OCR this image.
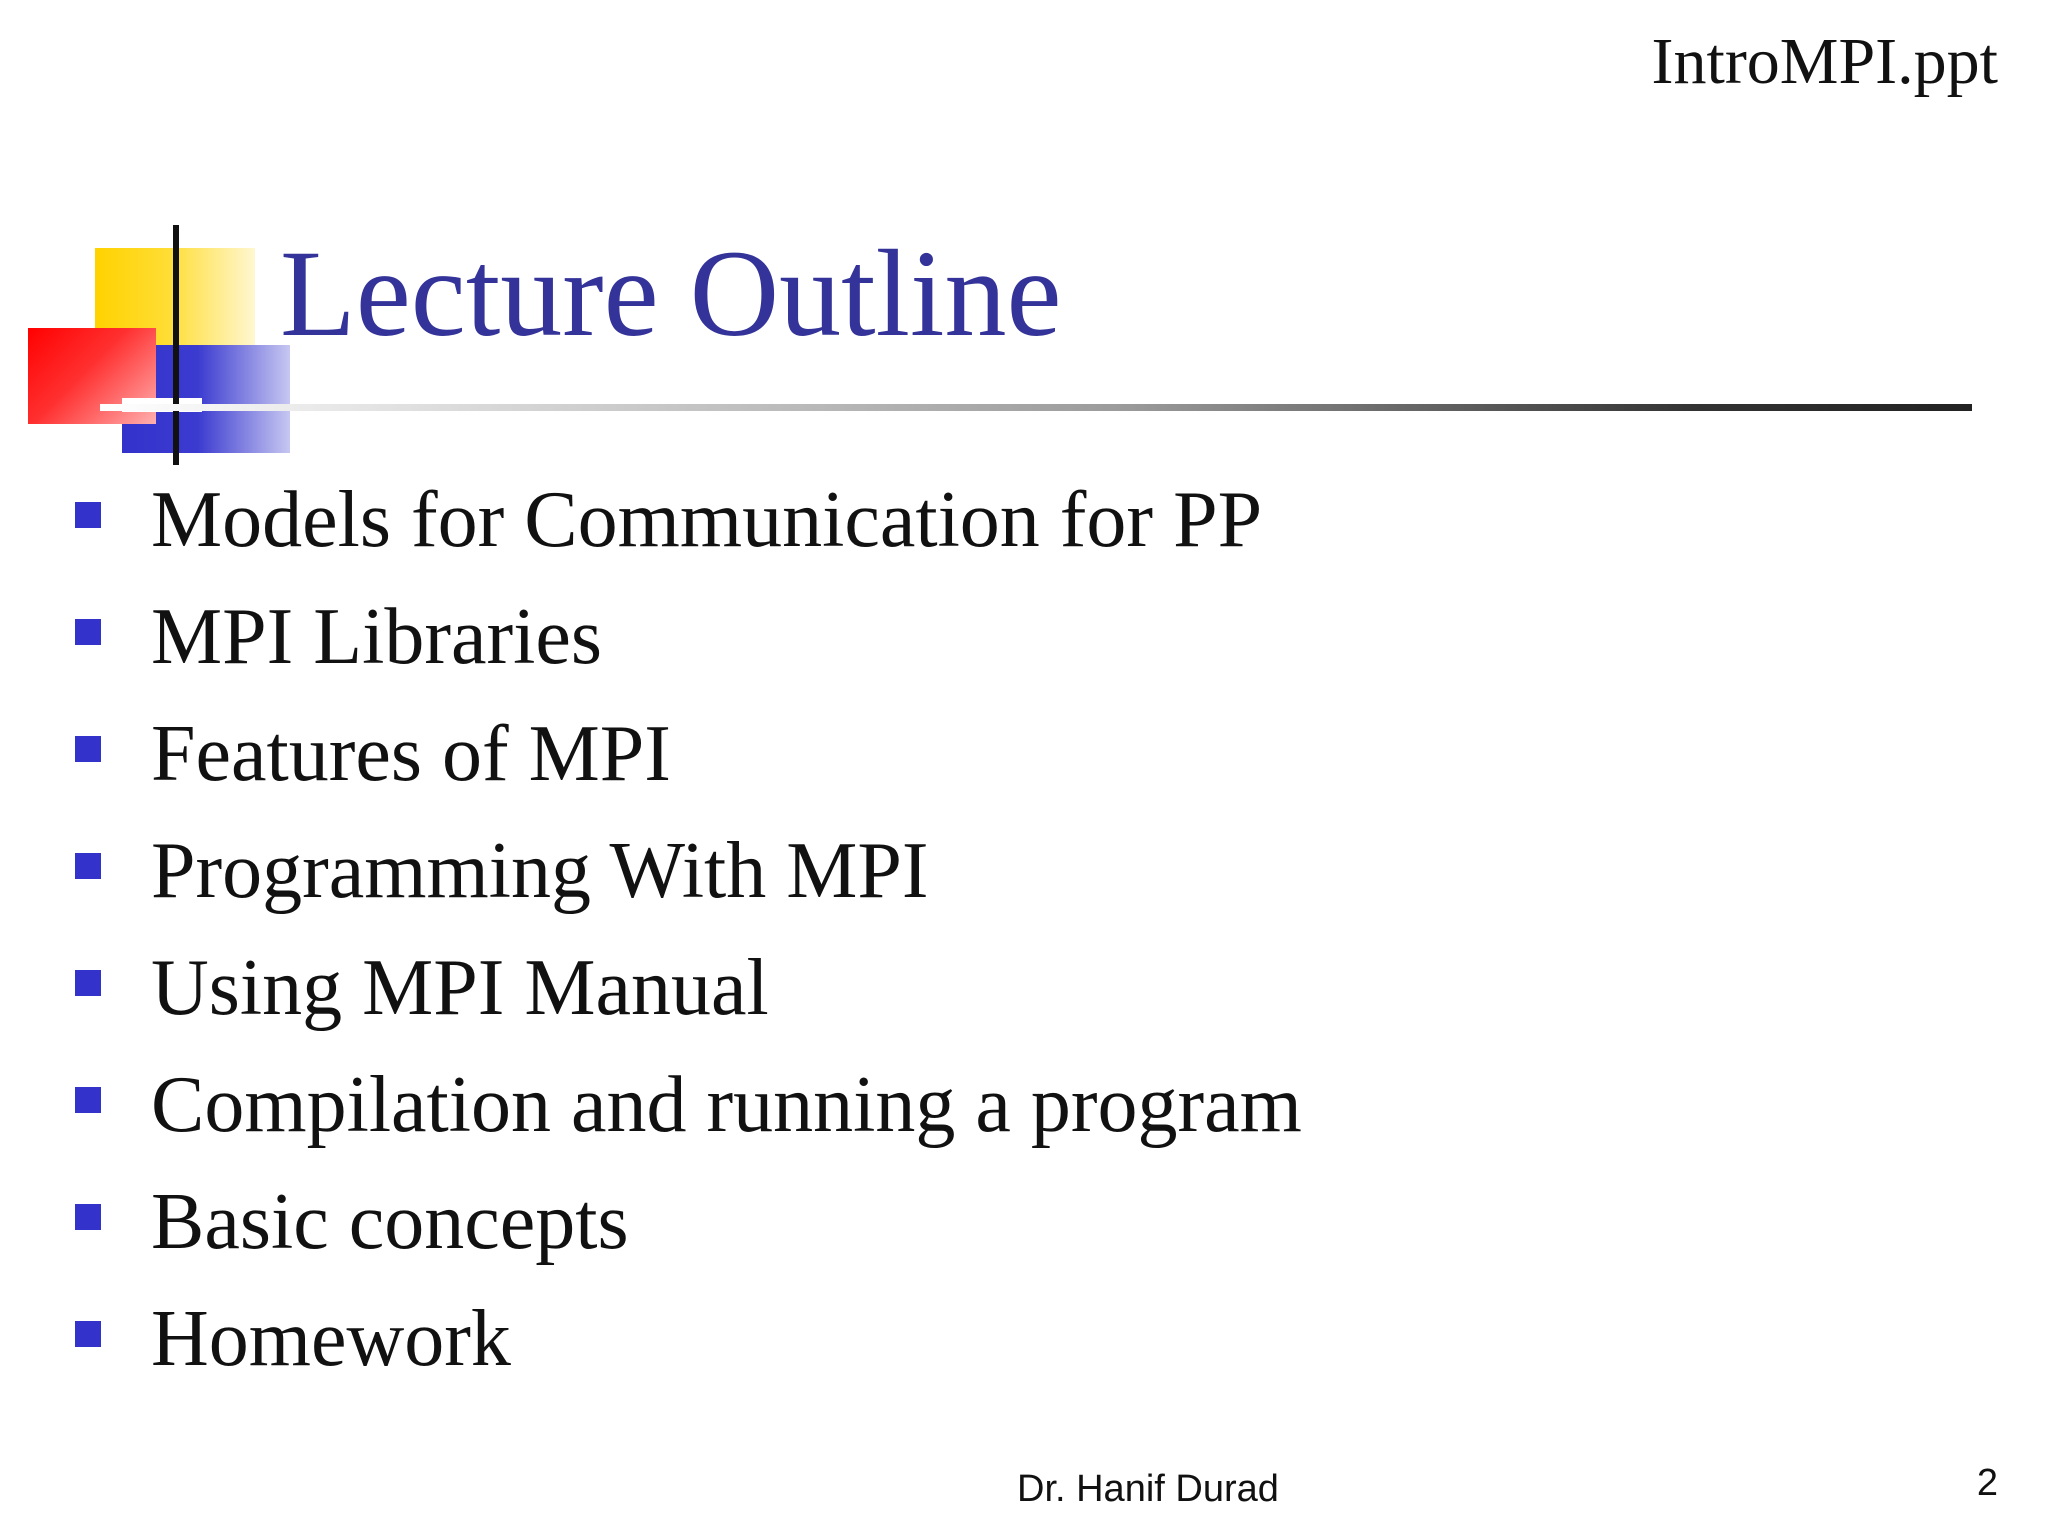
IntroMPI.ppt
Lecture Outline
Models for Communication for PP
MPI Libraries
Features of MPI
Programming With MPI
Using MPI Manual
Compilation and running a program
Basic concepts
Homework
Dr. Hanif Durad	2
